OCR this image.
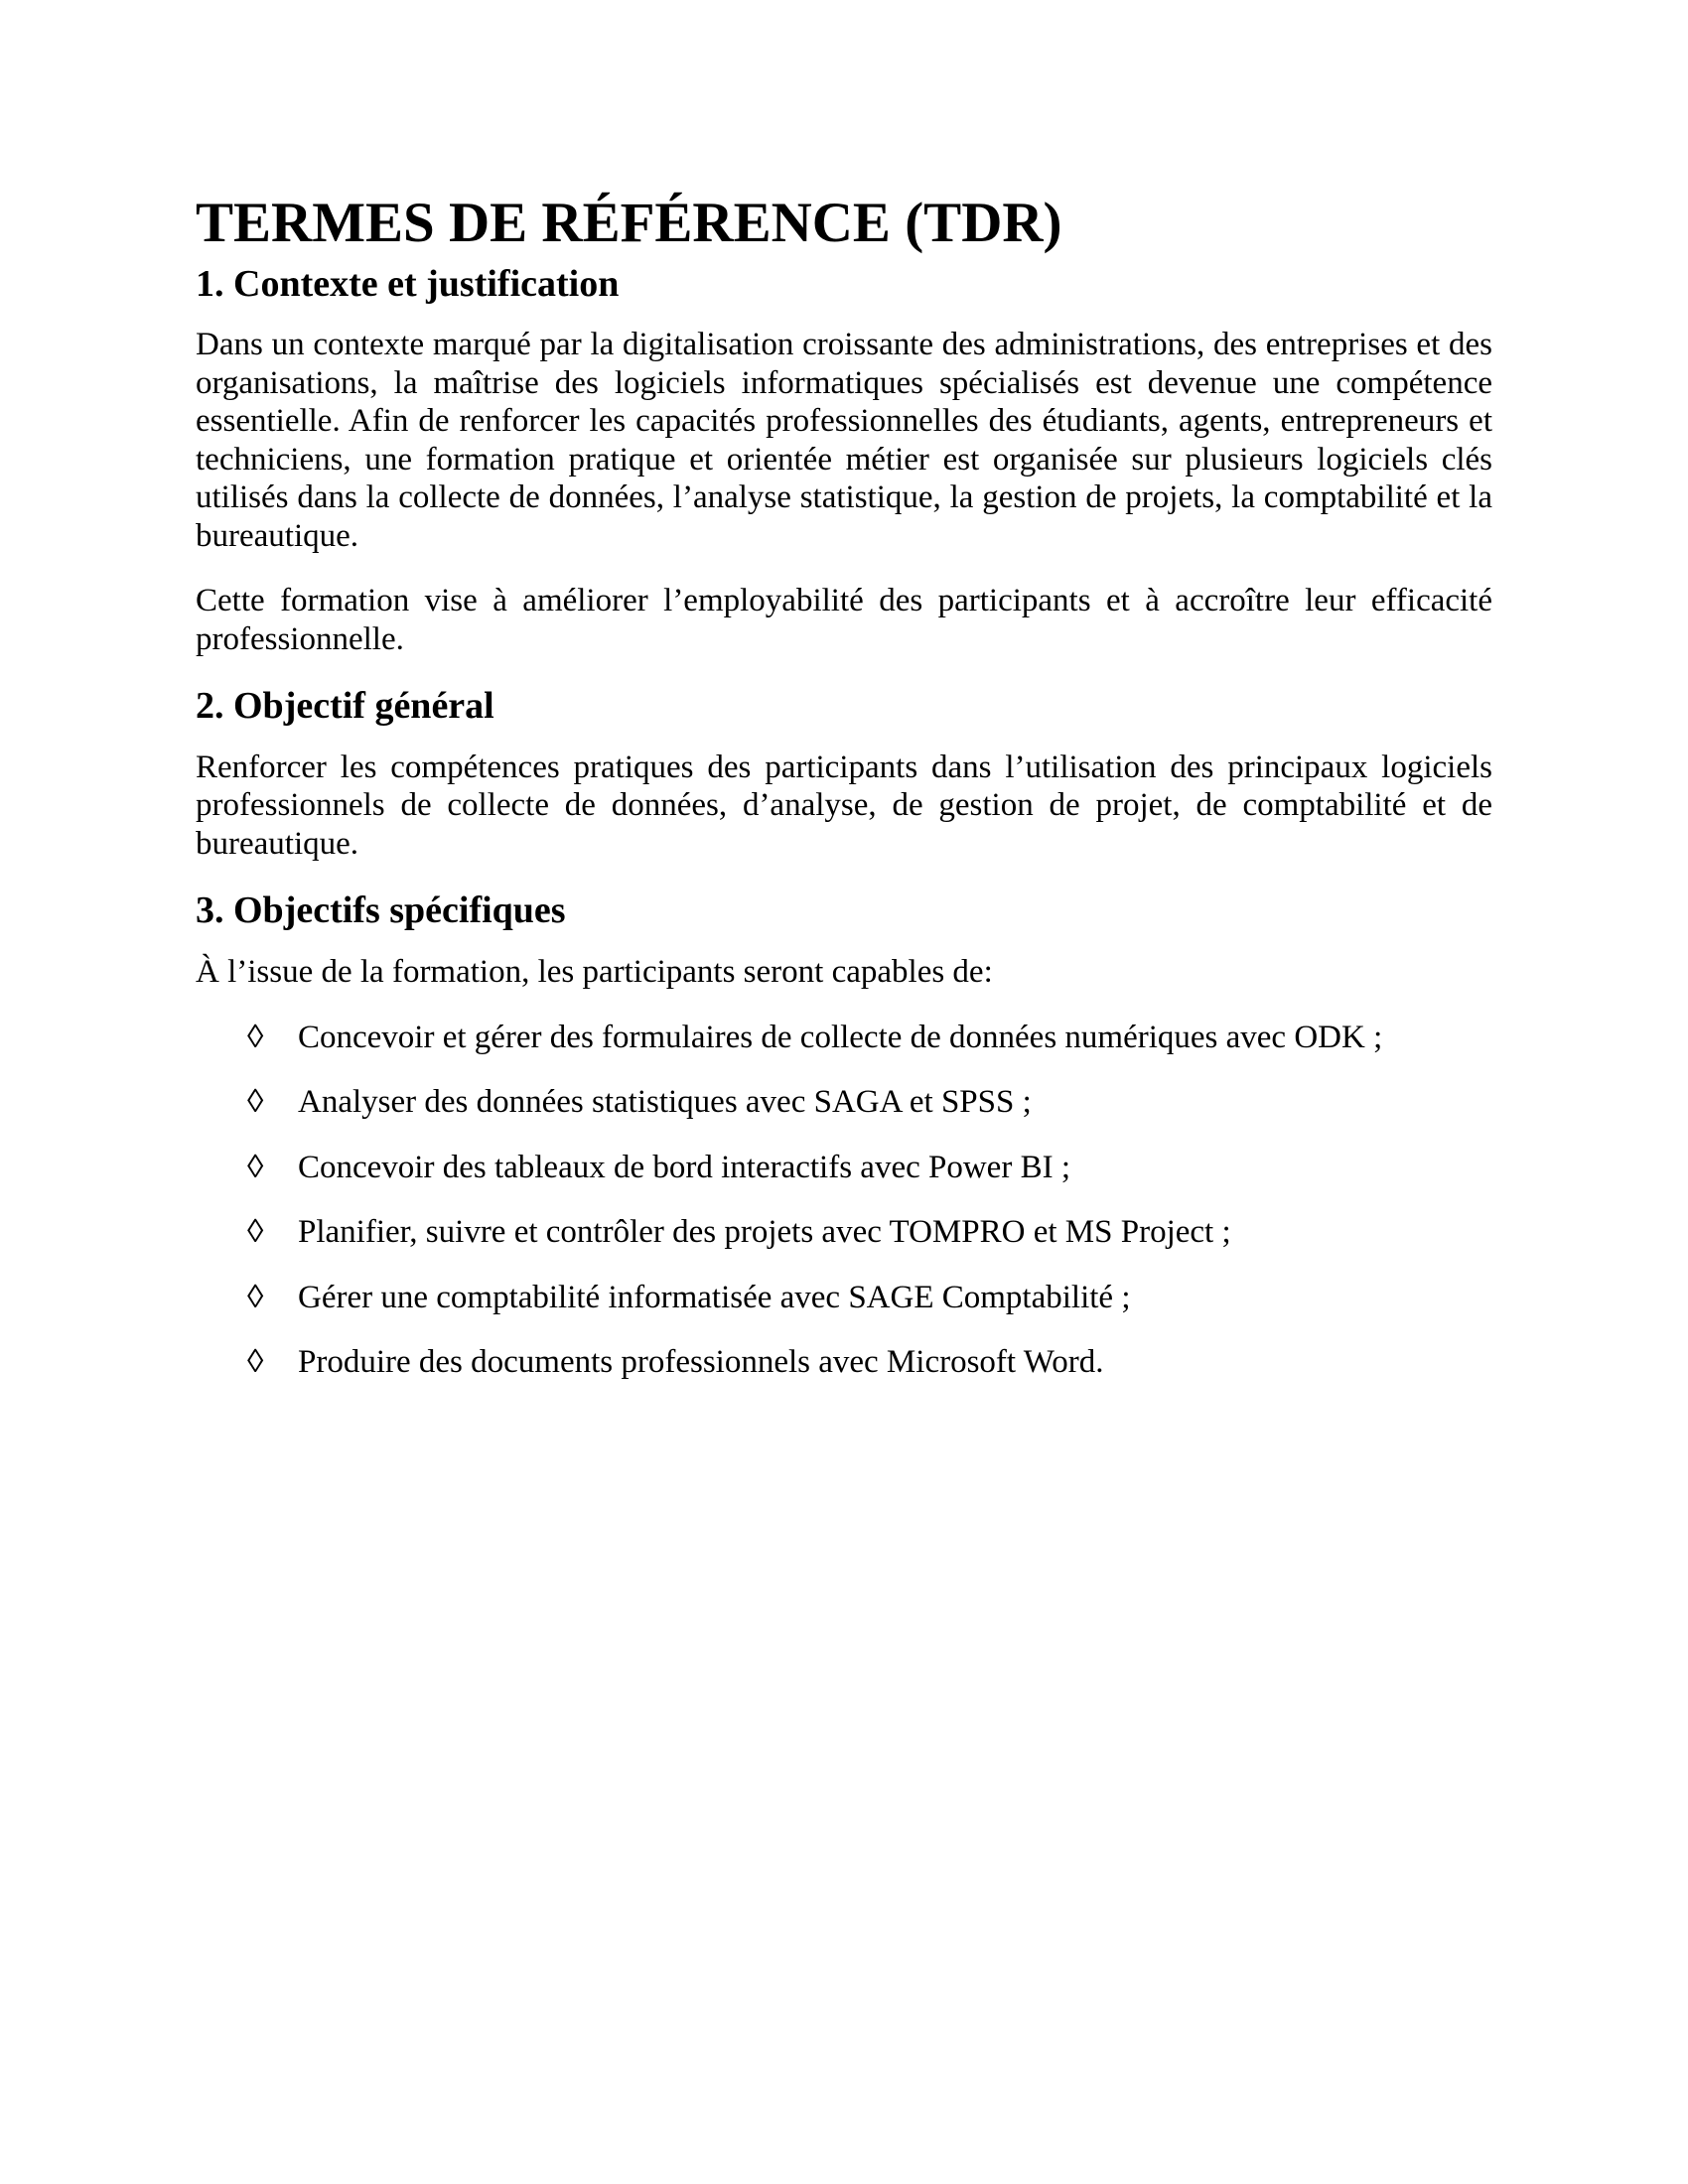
TERMES DE RÉFÉRENCE (TDR)
1. Contexte et justification

Dans un contexte marqué par la digitalisation croissante des administrations, des entreprises et des organisations, la maîtrise des logiciels informatiques spécialisés est devenue une compétence essentielle. Afin de renforcer les capacités professionnelles des étudiants, agents, entrepreneurs et techniciens, une formation pratique et orientée métier est organisée sur plusieurs logiciels clés utilisés dans la collecte de données, l’analyse statistique, la gestion de projets, la comptabilité et la bureautique.

Cette formation vise à améliorer l’employabilité des participants et à accroître leur efficacité professionnelle.

2. Objectif général

Renforcer les compétences pratiques des participants dans l’utilisation des principaux logiciels professionnels de collecte de données, d’analyse, de gestion de projet, de comptabilité et de bureautique.

3. Objectifs spécifiques

À l’issue de la formation, les participants seront capables de:

◊ Concevoir et gérer des formulaires de collecte de données numériques avec ODK ;
◊ Analyser des données statistiques avec SAGA et SPSS ;
◊ Concevoir des tableaux de bord interactifs avec Power BI ;
◊ Planifier, suivre et contrôler des projets avec TOMPRO et MS Project ;
◊ Gérer une comptabilité informatisée avec SAGE Comptabilité ;
◊ Produire des documents professionnels avec Microsoft Word.
